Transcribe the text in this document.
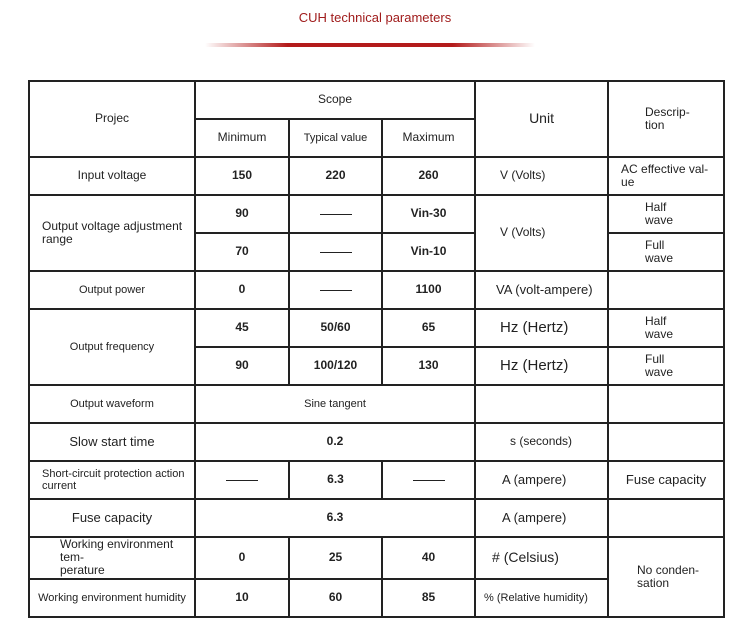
CUH technical parameters
Projec	Scope			Unit	Descrip-
tion
	Minimum	Typical value	Maximum		
Input voltage	150	220	260	V (Volts)	AC effective val-
ue
Output voltage adjustment
range	90		Vin-30	V (Volts)	Half
wave
	70		Vin-10		Full
wave
Output power	0		1100	VA (volt-ampere)	
Output frequency	45	50/60	65	Hz (Hertz)	Half
wave
	90	100/120	130	Hz (Hertz)	Full
wave
Output waveform	Sine tangent				
Slow start time	0.2			s (seconds)	
Short-circuit protection action
current		6.3		A (ampere)	Fuse capacity
Fuse capacity	6.3			A (ampere)	
Working environment tem-
perature	0	25	40	# (Celsius)	No conden-
sation
Working environment humidity	10	60	85	% (Relative humidity)	
